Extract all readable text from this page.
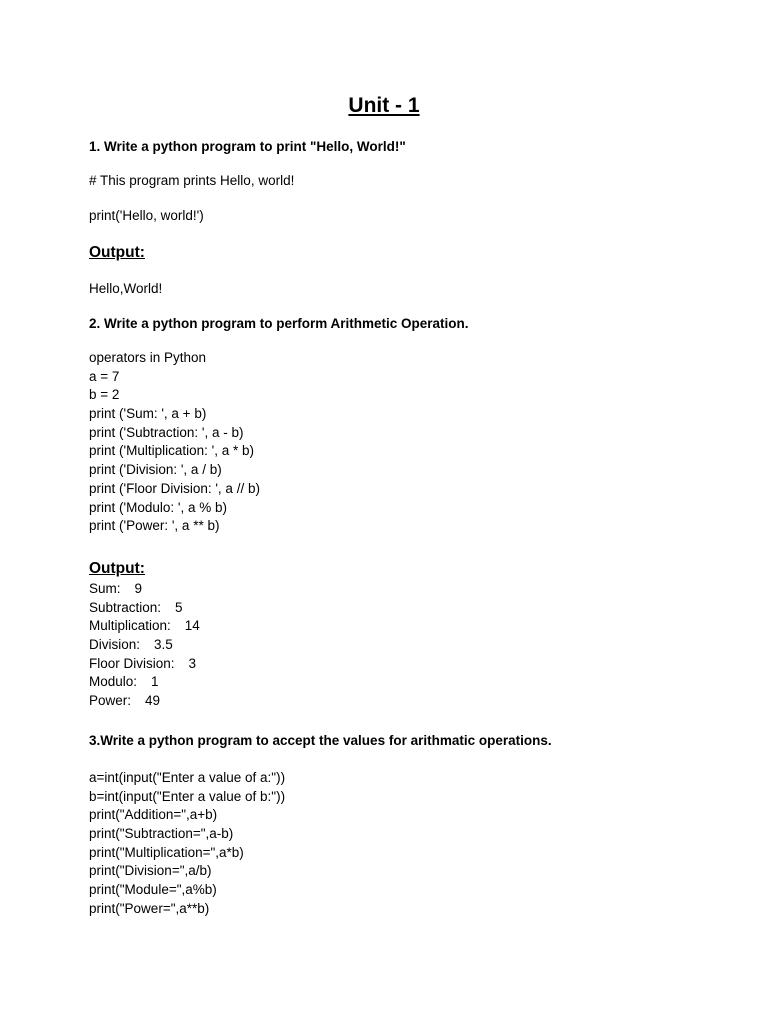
Unit - 1
1. Write a python program to print "Hello, World!"
# This program prints Hello, world!
print('Hello, world!')
Output:
Hello,World!
2. Write a python program to perform Arithmetic Operation.
operators in Python
a = 7
b = 2
print ('Sum: ', a + b)
print ('Subtraction: ', a - b)
print ('Multiplication: ', a * b)
print ('Division: ', a / b)
print ('Floor Division: ', a // b)
print ('Modulo: ', a % b)
print ('Power: ', a ** b)
Output:
Sum: 9
Subtraction: 5
Multiplication: 14
Division: 3.5
Floor Division: 3
Modulo: 1
Power: 49
3.Write a python program to accept the values for arithmatic operations.
a=int(input("Enter a value of a:"))
b=int(input("Enter a value of b:"))
print("Addition=",a+b)
print("Subtraction=",a-b)
print("Multiplication=",a*b)
print("Division=",a/b)
print("Module=",a%b)
print("Power=",a**b)
